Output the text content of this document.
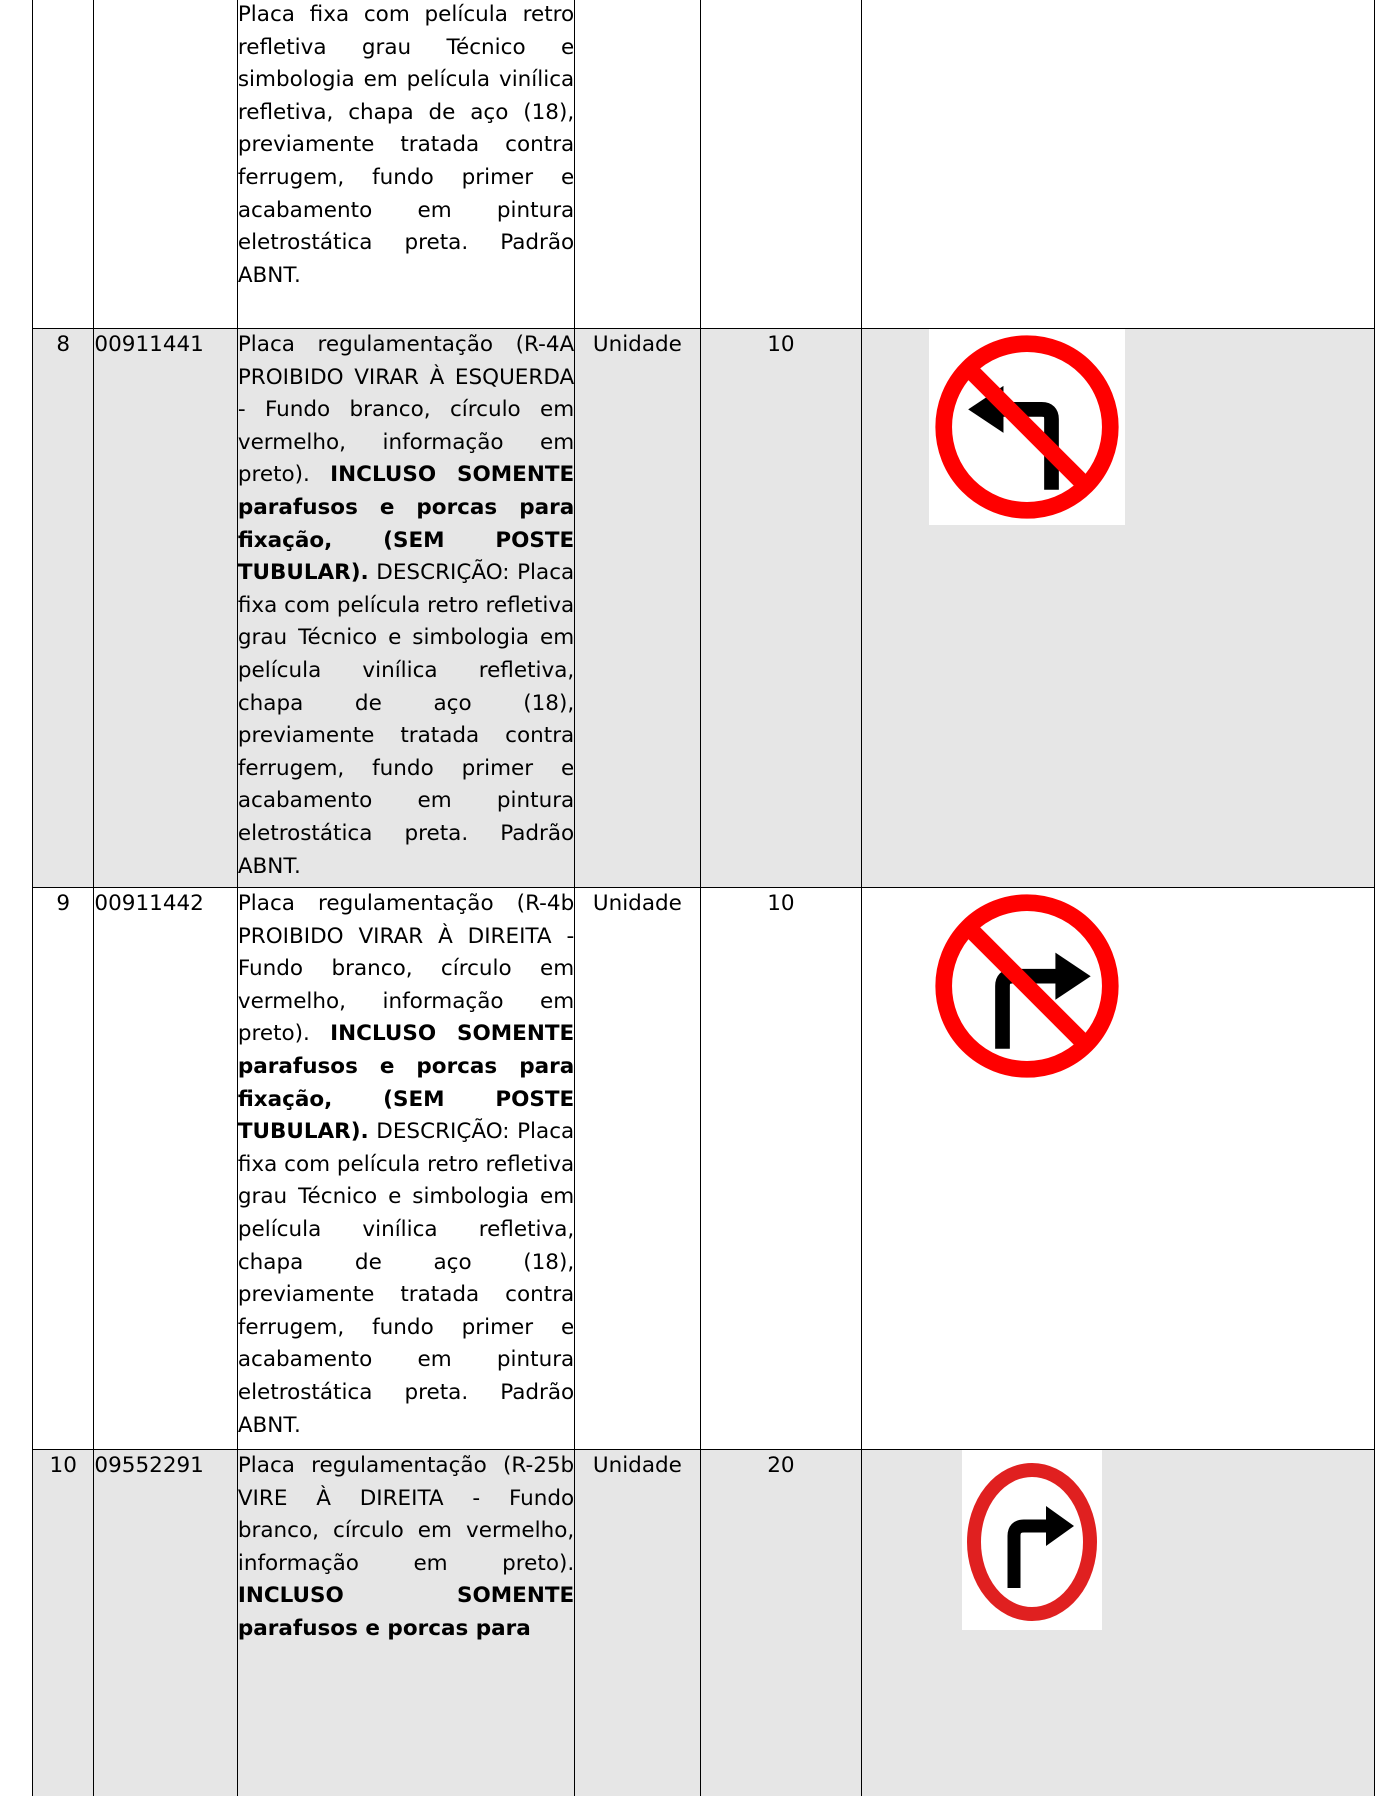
		Placa fixa com película retro refletiva grau Técnico e simbologia em película vinílica refletiva, chapa de aço (18), previamente tratada contra ferrugem, fundo primer e acabamento em pintura eletrostática preta. Padrão ABNT.			

8	00911441	Placa regulamentação (R-4A PROIBIDO VIRAR À ESQUERDA - Fundo branco, círculo em vermelho, informação em preto). INCLUSO SOMENTE parafusos e porcas para fixação, (SEM POSTE TUBULAR). DESCRIÇÃO: Placa fixa com película retro refletiva grau Técnico e simbologia em película vinílica refletiva, chapa de aço (18), previamente tratada contra ferrugem, fundo primer e acabamento em pintura eletrostática preta. Padrão ABNT.	Unidade	10	

9	00911442	Placa regulamentação (R-4b PROIBIDO VIRAR À DIREITA - Fundo branco, círculo em vermelho, informação em preto). INCLUSO SOMENTE parafusos e porcas para fixação, (SEM POSTE TUBULAR). DESCRIÇÃO: Placa fixa com película retro refletiva grau Técnico e simbologia em película vinílica refletiva, chapa de aço (18), previamente tratada contra ferrugem, fundo primer e acabamento em pintura eletrostática preta. Padrão ABNT.	Unidade	10	

10	09552291	Placa regulamentação (R-25b VIRE À DIREITA - Fundo branco, círculo em vermelho, informação em preto). INCLUSO SOMENTE parafusos e porcas para	Unidade	20	
